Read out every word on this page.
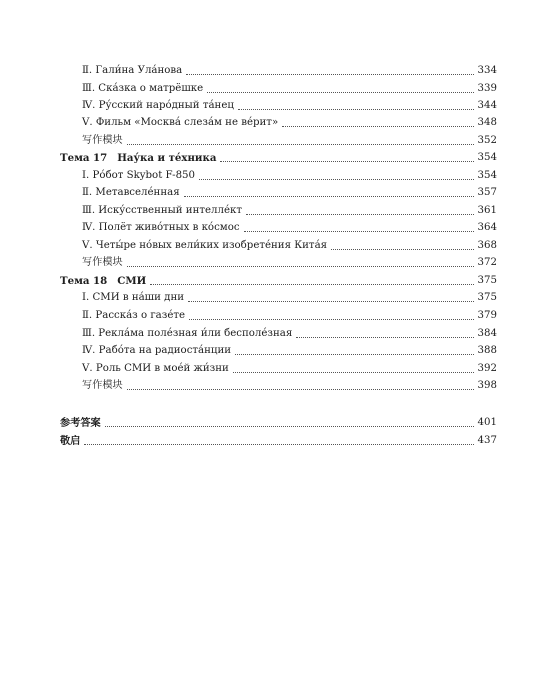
Ⅱ. Гали́на Ула́нова	334
Ⅲ. Ска́зка о матрёшке	339
Ⅳ. Ру́сский наро́дный та́нец	344
Ⅴ. Фильм «Москва́ слеза́м не ве́рит»	348
写作模块	352
Тема 17 Нау́ка и те́хника	354
Ⅰ. Ро́бот Skybot F-850	354
Ⅱ. Метавселе́нная	357
Ⅲ. Иску́сственный интелле́кт	361
Ⅳ. Полёт живо́тных в ко́смос	364
Ⅴ. Четы́ре но́вых вели́ких изобрете́ния Кита́я	368
写作模块	372
Тема 18 СМИ	375
Ⅰ. СМИ в на́ши дни	375
Ⅱ. Расска́з о газе́те	379
Ⅲ. Рекла́ма поле́зная и́ли бесполе́зная	384
Ⅳ. Рабо́та на радиоста́нции	388
Ⅴ. Роль СМИ в мое́й жи́зни	392
写作模块	398
参考答案	401
敬启	437
